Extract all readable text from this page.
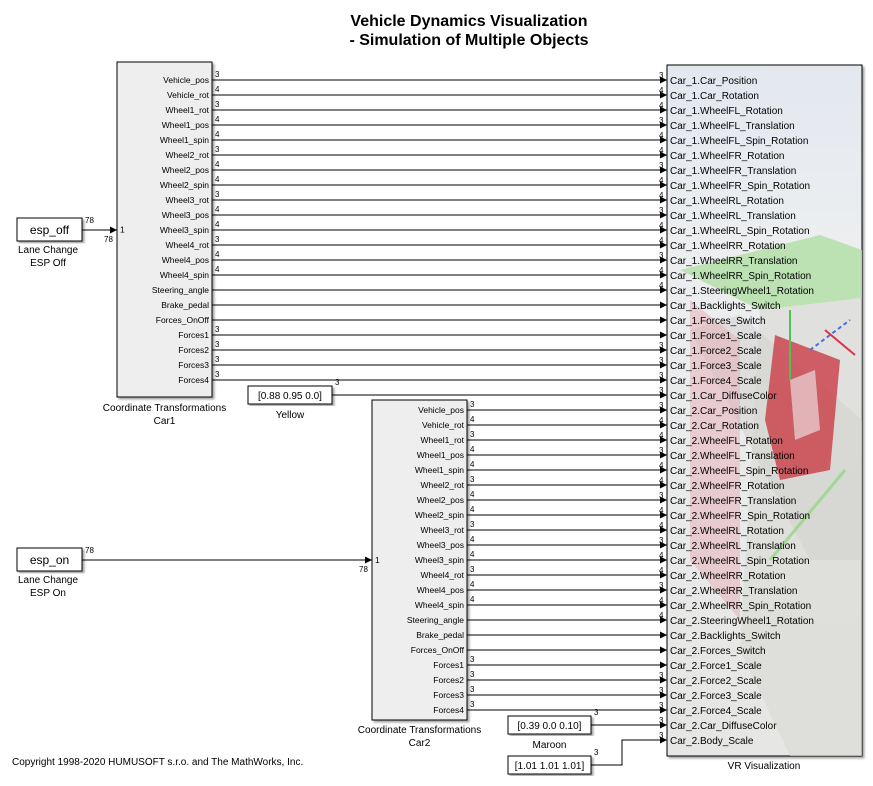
Vehicle Dynamics Visualization
- Simulation of Multiple Objects
Car_1.Car_Position
3
Car_1.Car_Rotation
4
Car_1.WheelFL_Rotation
4
Car_1.WheelFL_Translation
3
Car_1.WheelFL_Spin_Rotation
4
Car_1.WheelFR_Rotation
4
Car_1.WheelFR_Translation
3
Car_1.WheelFR_Spin_Rotation
4
Car_1.WheelRL_Rotation
4
Car_1.WheelRL_Translation
3
Car_1.WheelRL_Spin_Rotation
4
Car_1.WheelRR_Rotation
4
Car_1.WheelRR_Translation
3
Car_1.WheelRR_Spin_Rotation
4
Car_1.SteeringWheel1_Rotation
4
Car_1.Backlights_Switch
Car_1.Forces_Switch
Car_1.Force1_Scale
Car_1.Force2_Scale
3
Car_1.Force3_Scale
3
Car_1.Force4_Scale
3
Car_1.Car_DiffuseColor
3
Car_2.Car_Position
3
Car_2.Car_Rotation
4
Car_2.WheelFL_Rotation
4
Car_2.WheelFL_Translation
3
Car_2.WheelFL_Spin_Rotation
4
Car_2.WheelFR_Rotation
4
Car_2.WheelFR_Translation
3
Car_2.WheelFR_Spin_Rotation
4
Car_2.WheelRL_Rotation
4
Car_2.WheelRL_Translation
3
Car_2.WheelRL_Spin_Rotation
4
Car_2.WheelRR_Rotation
4
Car_2.WheelRR_Translation
3
Car_2.WheelRR_Spin_Rotation
4
Car_2.SteeringWheel1_Rotation
4
Car_2.Backlights_Switch
Car_2.Forces_Switch
Car_2.Force1_Scale
Car_2.Force2_Scale
3
Car_2.Force3_Scale
3
Car_2.Force4_Scale
3
Car_2.Car_DiffuseColor
3
Car_2.Body_Scale
3
VR Visualization
Vehicle_pos
3
Vehicle_rot
4
Wheel1_rot
3
Wheel1_pos
4
Wheel1_spin
4
Wheel2_rot
3
Wheel2_pos
4
Wheel2_spin
4
Wheel3_rot
3
Wheel3_pos
4
Wheel3_spin
4
Wheel4_rot
3
Wheel4_pos
4
Wheel4_spin
4
Steering_angle
Brake_pedal
Forces_OnOff
Forces1
3
Forces2
3
Forces3
3
Forces4
3
1
Coordinate Transformations
Car1
Vehicle_pos
3
Vehicle_rot
4
Wheel1_rot
3
Wheel1_pos
4
Wheel1_spin
4
Wheel2_rot
3
Wheel2_pos
4
Wheel2_spin
4
Wheel3_rot
3
Wheel3_pos
4
Wheel3_spin
4
Wheel4_rot
3
Wheel4_pos
4
Wheel4_spin
4
Steering_angle
Brake_pedal
Forces_OnOff
Forces1
3
Forces2
3
Forces3
3
Forces4
3
1
Coordinate Transformations
Car2
esp_off
78
Lane Change
ESP Off
78
esp_on
78
Lane Change
ESP On
78
[0.88 0.95 0.0]
3
Yellow
[0.39 0.0 0.10]
3
Maroon
[1.01 1.01 1.01]
3
Copyright 1998-2020 HUMUSOFT s.r.o. and The MathWorks, Inc.
